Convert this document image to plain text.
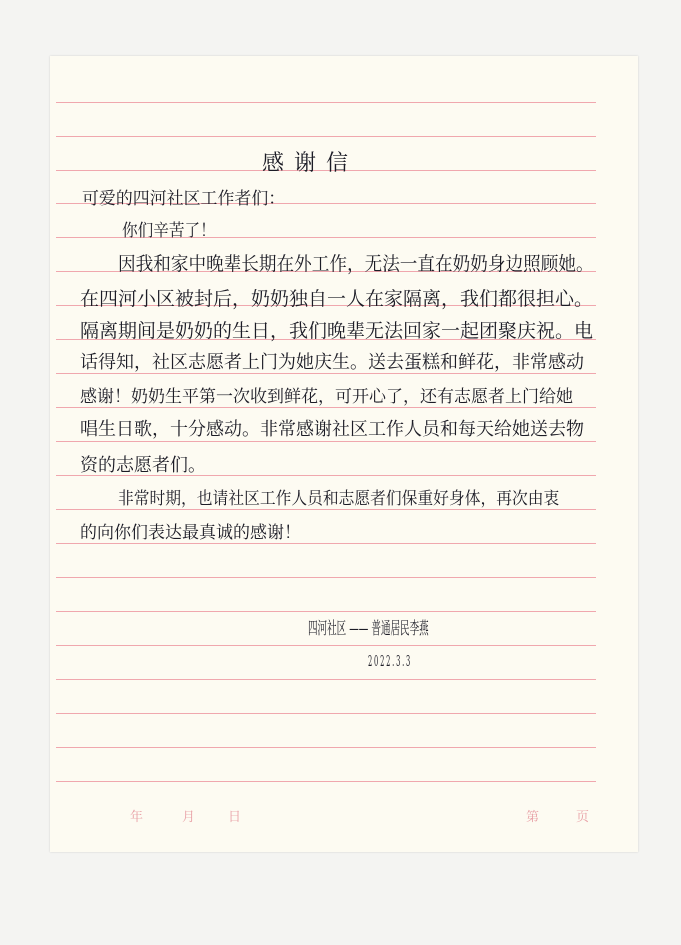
感谢信
可爱的四河社区工作者们：
你们辛苦了！
因我和家中晚辈长期在外工作，无法一直在奶奶身边照顾她。
在四河小区被封后，奶奶独自一人在家隔离，我们都很担心。
隔离期间是奶奶的生日，我们晚辈无法回家一起团聚庆祝。电
话得知，社区志愿者上门为她庆生。送去蛋糕和鲜花，非常感动
感谢！奶奶生平第一次收到鲜花，可开心了，还有志愿者上门给她
唱生日歌，十分感动。非常感谢社区工作人员和每天给她送去物
资的志愿者们。
非常时期，也请社区工作人员和志愿者们保重好身体，再次由衷
的向你们表达最真诚的感谢！
四河社区 —— 普通居民李燕
2022.3.3
年	月	日	第	页
